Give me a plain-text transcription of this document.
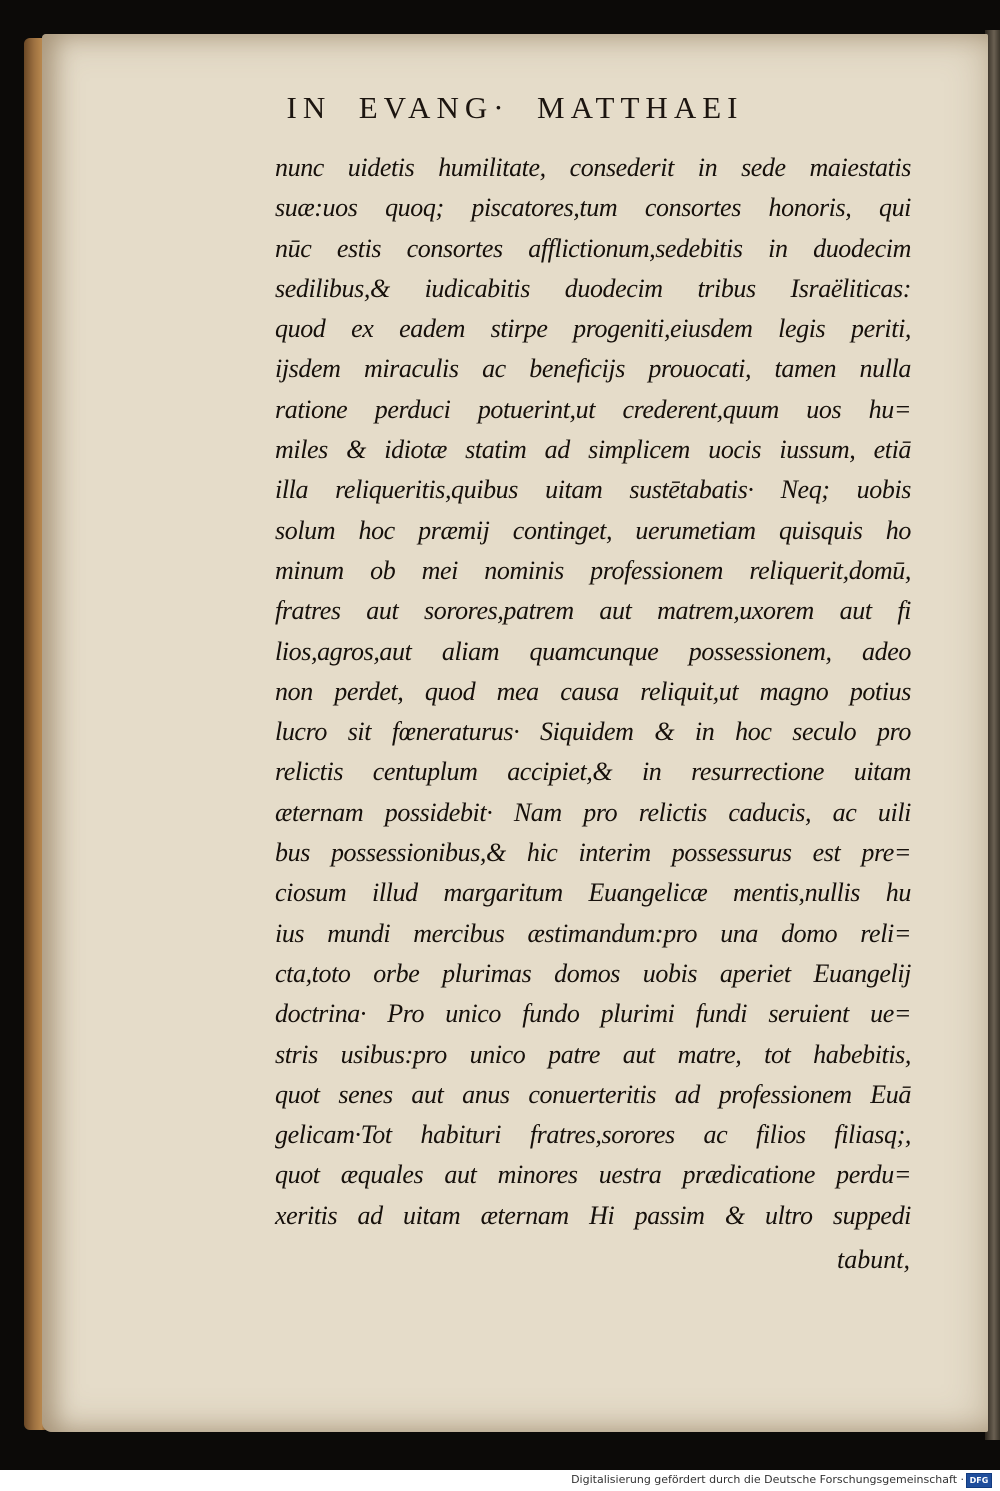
IN  EVANG·  MATTHAEI
nunc uidetis humilitate, consederit in sede maiestatis
suæ:uos quoq; piscatores,tum consortes honoris, qui
nūc estis consortes afflictionum,sedebitis in duodecim
sedilibus,& iudicabitis duodecim tribus Israëliticas:
quod ex eadem stirpe progeniti,eiusdem legis periti,
ijsdem miraculis ac beneficijs prouocati, tamen nulla
ratione perduci potuerint,ut crederent,quum uos hu=
miles & idiotæ statim ad simplicem uocis iussum, etiā
illa reliqueritis,quibus uitam sustētabatis· Neq; uobis
solum hoc præmij continget, uerumetiam quisquis ho
minum ob mei nominis professionem reliquerit,domū,
fratres aut sorores,patrem aut matrem,uxorem aut fi
lios,agros,aut aliam quamcunque possessionem, adeo
non perdet, quod mea causa reliquit,ut magno potius
lucro sit fœneraturus· Siquidem & in hoc seculo pro
relictis centuplum accipiet,& in resurrectione uitam
æternam possidebit· Nam pro relictis caducis, ac uili
bus possessionibus,& hic interim possessurus est pre=
ciosum illud margaritum Euangelicæ mentis,nullis hu
ius mundi mercibus æstimandum:pro una domo reli=
cta,toto orbe plurimas domos uobis aperiet Euangelij
doctrina· Pro unico fundo plurimi fundi seruient ue=
stris usibus:pro unico patre aut matre, tot habebitis,
quot senes aut anus conuerteritis ad professionem Euā
gelicam·Tot habituri fratres,sorores ac filios filiasq;,
quot æquales aut minores uestra prædicatione perdu=
xeritis ad uitam æternam Hi passim & ultro suppedi
tabunt,
Digitalisierung gefördert durch die Deutsche Forschungsgemeinschaft · DFG
